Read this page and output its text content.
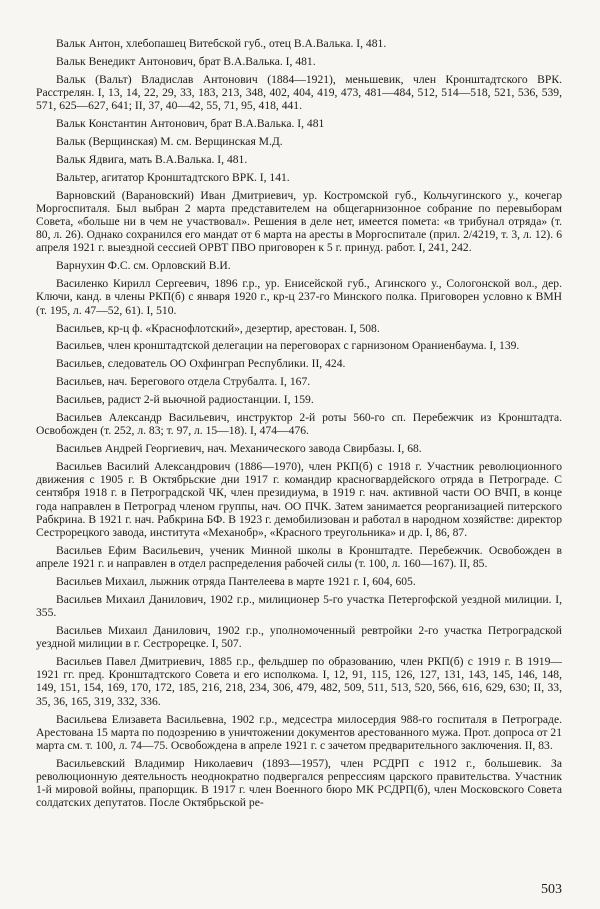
Вальк Антон, хлебопашец Витебской губ., отец В.А.Валька. I, 481.

Вальк Венедикт Антонович, брат В.А.Валька. I, 481.

Вальк (Вальт) Владислав Антонович (1884—1921), меньшевик, член Кронштадтского ВРК. Расстрелян. I, 13, 14, 22, 29, 33, 183, 213, 348, 402, 404, 419, 473, 481—484, 512, 514—518, 521, 536, 539, 571, 625—627, 641; II, 37, 40—42, 55, 71, 95, 418, 441.

Вальк Константин Антонович, брат В.А.Валька. I, 481

Вальк (Верщинская) М. см. Верщинская М.Д.

Вальк Ядвига, мать В.А.Валька. I, 481.

Вальтер, агитатор Кронштадтского ВРК. I, 141.

Варновский (Варановский) Иван Дмитриевич, ур. Костромской губ., Кольчугинского у., кочегар Моргоспиталя. Был выбран 2 марта представителем на общегарнизонное собрание по перевыборам Совета, «больше ни в чем не участвовал». Решения в деле нет, имеется помета: «в трибунал отряда» (т. 80, л. 26). Однако сохранился его мандат от 6 марта на аресты в Моргоспитале (прил. 2/4219, т. 3, л. 12). 6 апреля 1921 г. выездной сессией ОРВТ ПВО приговорен к 5 г. принуд. работ. I, 241, 242.

Варнухин Ф.С. см. Орловский В.И.

Василенко Кирилл Сергеевич, 1896 г.р., ур. Енисейской губ., Агинского у., Сологонской вол., дер. Ключи, канд. в члены РКП(б) с января 1920 г., кр-ц 237-го Минского полка. Приговорен условно к ВМН (т. 195, л. 47—52, 61). I, 510.

Васильев, кр-ц ф. «Краснофлотский», дезертир, арестован. I, 508.

Васильев, член кронштадтской делегации на переговорах с гарнизоном Ораниенбаума. I, 139.

Васильев, следователь ОО Охфинграп Республики. II, 424.

Васильев, нач. Берегового отдела Струбалта. I, 167.

Васильев, радист 2-й вьючной радиостанции. I, 159.

Васильев Александр Васильевич, инструктор 2-й роты 560-го сп. Перебежчик из Кронштадта. Освобожден (т. 252, л. 83; т. 97, л. 15—18). I, 474—476.

Васильев Андрей Георгиевич, нач. Механического завода Свирбазы. I, 68.

Васильев Василий Александрович (1886—1970), член РКП(б) с 1918 г. Участник революционного движения с 1905 г. В Октябрьские дни 1917 г. командир красногвардейского отряда в Петрограде. С сентября 1918 г. в Петроградской ЧК, член президиума, в 1919 г. нач. активной части ОО ВЧП, в конце года направлен в Петроград членом группы, нач. ОО ПЧК. Затем занимается реорганизацией питерского Рабкрина. В 1921 г. нач. Рабкрина БФ. В 1923 г. демобилизован и работал в народном хозяйстве: директор Сестрорецкого завода, института «Механобр», «Красного треугольника» и др. I, 86, 87.

Васильев Ефим Васильевич, ученик Минной школы в Кронштадте. Перебежчик. Освобожден в апреле 1921 г. и направлен в отдел распределения рабочей силы (т. 100, л. 160—167). II, 85.

Васильев Михаил, лыжник отряда Пантелеева в марте 1921 г. I, 604, 605.

Васильев Михаил Данилович, 1902 г.р., милиционер 5-го участка Петергофской уездной милиции. I, 355.

Васильев Михаил Данилович, 1902 г.р., уполномоченный ревтройки 2-го участка Петроградской уездной милиции в г. Сестрорецке. I, 507.

Васильев Павел Дмитриевич, 1885 г.р., фельдшер по образованию, член РКП(б) с 1919 г. В 1919—1921 гг. пред. Кронштадтского Совета и его исполкома. I, 12, 91, 115, 126, 127, 131, 143, 145, 146, 148, 149, 151, 154, 169, 170, 172, 185, 216, 218, 234, 306, 479, 482, 509, 511, 513, 520, 566, 616, 629, 630; II, 33, 35, 36, 165, 319, 332, 336.

Васильева Елизавета Васильевна, 1902 г.р., медсестра милосердия 988-го госпиталя в Петрограде. Арестована 15 марта по подозрению в уничтожении документов арестованного мужа. Прот. допроса от 21 марта см. т. 100, л. 74—75. Освобождена в апреле 1921 г. с зачетом предварительного заключения. II, 83.

Васильевский Владимир Николаевич (1893—1957), член РСДРП с 1912 г., большевик. За революционную деятельность неоднократно подвергался репрессиям царского правительства. Участник 1-й мировой войны, прапорщик. В 1917 г. член Военного бюро МК РСДРП(б), член Московского Совета солдатских депутатов. После Октябрьской ре-

503
